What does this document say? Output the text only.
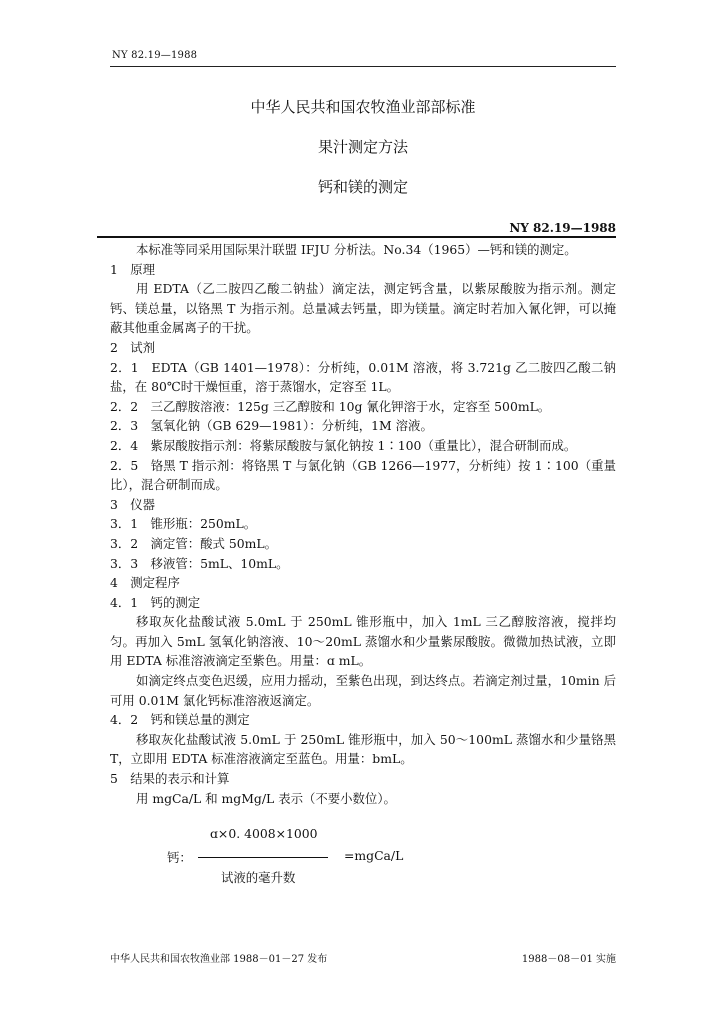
NY 82.19—1988
中华人民共和国农牧渔业部部标准
果汁测定方法
钙和镁的测定
NY 82.19—1988

本标准等同采用国际果汁联盟 IFJU 分析法。No.34（1965）—钙和镁的测定。

1　原理

用 EDTA（乙二胺四乙酸二钠盐）滴定法，测定钙含量，以紫尿酸胺为指示剂。测定钙、镁总量，以铬黑 T 为指示剂。总量减去钙量，即为镁量。滴定时若加入氰化钾，可以掩蔽其他重金属离子的干扰。

2　试剂

2．1　EDTA（GB 1401—1978）：分析纯，0.01M 溶液，将 3.721g 乙二胺四乙酸二钠盐，在 80℃时干燥恒重，溶于蒸馏水，定容至 1L。

2．2　三乙醇胺溶液：125g 三乙醇胺和 10g 氰化钾溶于水，定容至 500mL。

2．3　氢氧化钠（GB 629—1981）：分析纯，1M 溶液。

2．4　紫尿酸胺指示剂：将紫尿酸胺与氯化钠按 1∶100（重量比），混合研制而成。

2．5　铬黑 T 指示剂：将铬黑 T 与氯化钠（GB 1266—1977，分析纯）按 1∶100（重量比），混合研制而成。

3　仪器

3．1　锥形瓶：250mL。

3．2　滴定管：酸式 50mL。

3．3　移液管：5mL、10mL。

4　测定程序

4．1　钙的测定

移取灰化盐酸试液 5.0mL 于 250mL 锥形瓶中，加入 1mL 三乙醇胺溶液，搅拌均匀。再加入 5mL 氢氧化钠溶液、10～20mL 蒸馏水和少量紫尿酸胺。微微加热试液，立即用 EDTA 标准溶液滴定至紫色。用量：ɑ mL。

如滴定终点变色迟缓，应用力摇动，至紫色出现，到达终点。若滴定剂过量，10min 后可用 0.01M 氯化钙标准溶液返滴定。

4．2　钙和镁总量的测定

移取灰化盐酸试液 5.0mL 于 250mL 锥形瓶中，加入 50～100mL 蒸馏水和少量铬黑 T，立即用 EDTA 标准溶液滴定至蓝色。用量：bmL。

5　结果的表示和计算

用 mgCa/L 和 mgMg/L 表示（不要小数位）。

ɑ×0. 4008×1000
钙：	=mgCa/L
试液的毫升数
中华人民共和国农牧渔业部 1988－01－27 发布	1988－08－01 实施
